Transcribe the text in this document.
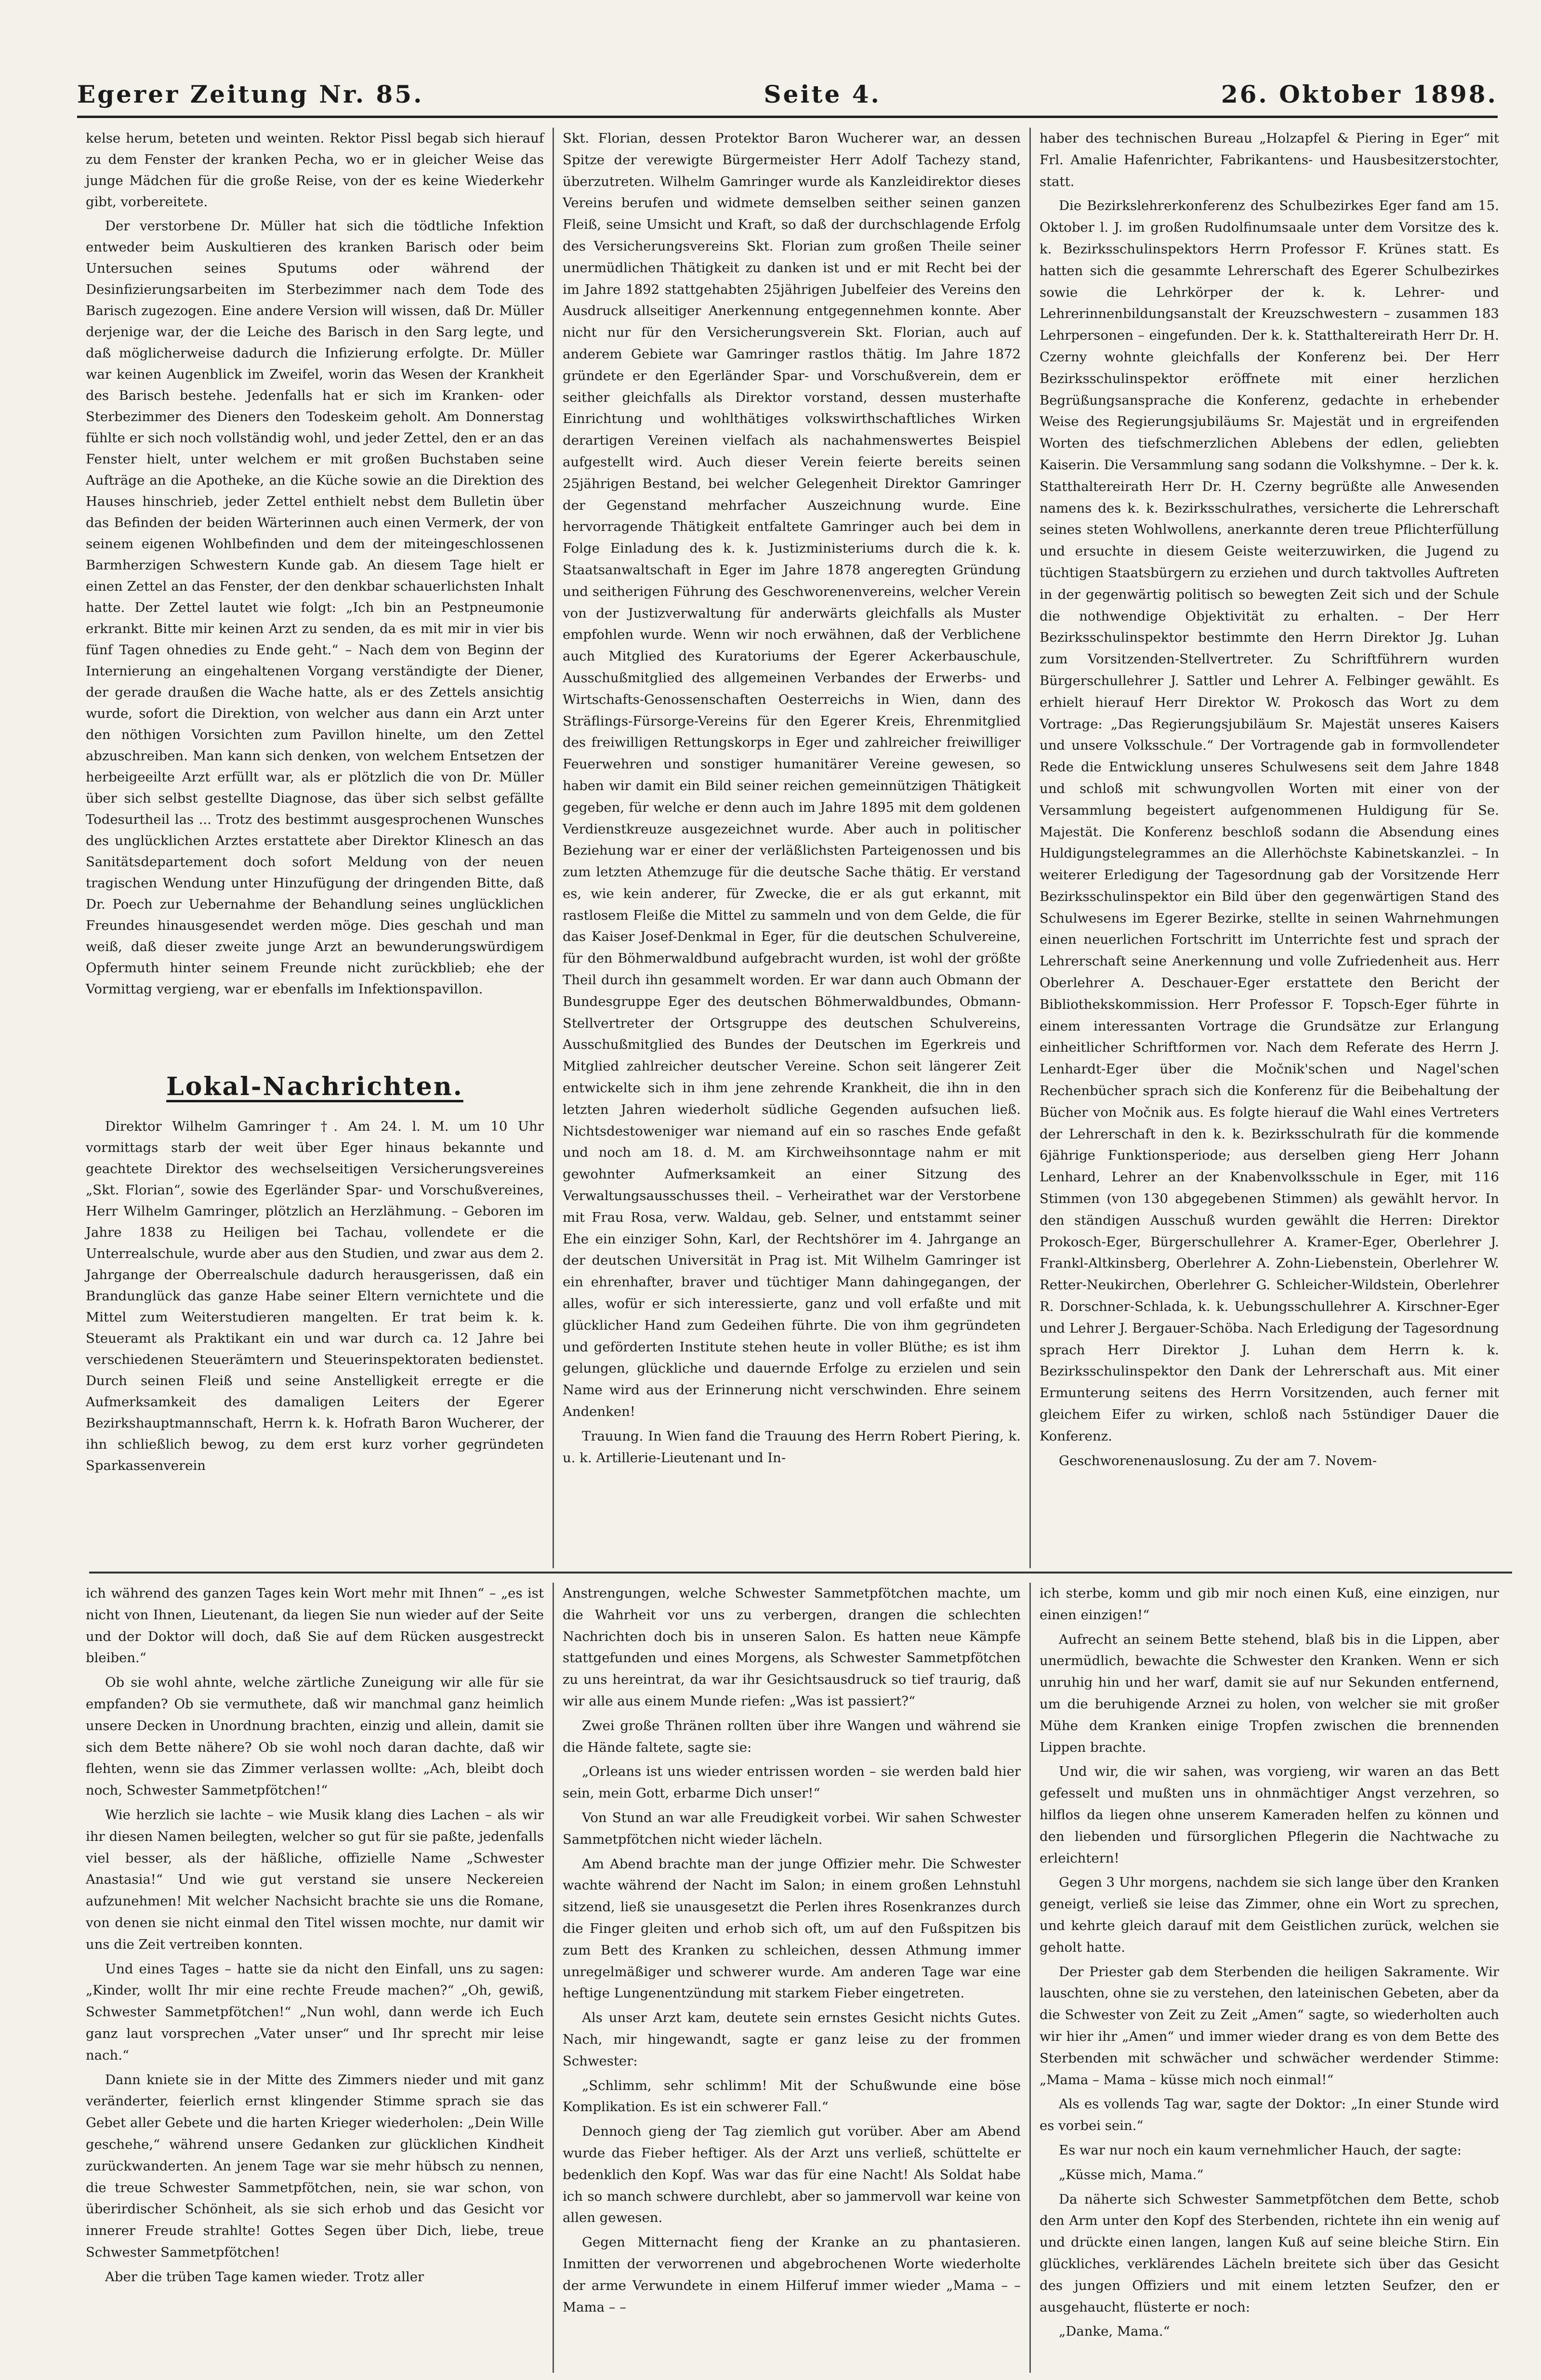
Egerer Zeitung Nr. 85.	Seite 4.	26. Oktober 1898.

kelse herum, beteten und weinten. Rektor Pissl begab sich hierauf zu dem Fenster der kranken Pecha, wo er in gleicher Weise das junge Mädchen für die große Reise, von der es keine Wiederkehr gibt, vorbereitete.

Der verstorbene Dr. Müller hat sich die tödtliche Infektion entweder beim Auskultieren des kranken Barisch oder beim Untersuchen seines Sputums oder während der Desinfizierungsarbeiten im Sterbezimmer nach dem Tode des Barisch zugezogen. Eine andere Version will wissen, daß Dr. Müller derjenige war, der die Leiche des Barisch in den Sarg legte, und daß möglicherweise dadurch die Infizierung erfolgte. Dr. Müller war keinen Augenblick im Zweifel, worin das Wesen der Krankheit des Barisch bestehe. Jedenfalls hat er sich im Kranken- oder Sterbezimmer des Dieners den Todeskeim geholt. Am Donnerstag fühlte er sich noch vollständig wohl, und jeder Zettel, den er an das Fenster hielt, unter welchem er mit großen Buchstaben seine Aufträge an die Apotheke, an die Küche sowie an die Direktion des Hauses hinschrieb, jeder Zettel enthielt nebst dem Bulletin über das Befinden der beiden Wärterinnen auch einen Vermerk, der von seinem eigenen Wohlbefinden und dem der miteingeschlossenen Barmherzigen Schwestern Kunde gab. An diesem Tage hielt er einen Zettel an das Fenster, der den denkbar schauerlichsten Inhalt hatte. Der Zettel lautet wie folgt: „Ich bin an Pestpneumonie erkrankt. Bitte mir keinen Arzt zu senden, da es mit mir in vier bis fünf Tagen ohnedies zu Ende geht.“ – Nach dem von Beginn der Internierung an eingehaltenen Vorgang verständigte der Diener, der gerade draußen die Wache hatte, als er des Zettels ansichtig wurde, sofort die Direktion, von welcher aus dann ein Arzt unter den nöthigen Vorsichten zum Pavillon hinelte, um den Zettel abzuschreiben. Man kann sich denken, von welchem Entsetzen der herbeigeeilte Arzt erfüllt war, als er plötzlich die von Dr. Müller über sich selbst gestellte Diagnose, das über sich selbst gefällte Todesurtheil las ... Trotz des bestimmt ausgesprochenen Wunsches des unglücklichen Arztes erstattete aber Direktor Klinesch an das Sanitätsdepartement doch sofort Meldung von der neuen tragischen Wendung unter Hinzufügung der dringenden Bitte, daß Dr. Poech zur Uebernahme der Behandlung seines unglücklichen Freundes hinausgesendet werden möge. Dies geschah und man weiß, daß dieser zweite junge Arzt an bewunderungswürdigem Opfermuth hinter seinem Freunde nicht zurückblieb; ehe der Vormittag vergieng, war er ebenfalls im Infektionspavillon.

Lokal-Nachrichten.

Direktor Wilhelm Gamringer †. Am 24. l. M. um 10 Uhr vormittags starb der weit über Eger hinaus bekannte und geachtete Direktor des wechselseitigen Versicherungsvereines „Skt. Florian“, sowie des Egerländer Spar- und Vorschußvereines, Herr Wilhelm Gamringer, plötzlich an Herzlähmung. – Geboren im Jahre 1838 zu Heiligen bei Tachau, vollendete er die Unterrealschule, wurde aber aus den Studien, und zwar aus dem 2. Jahrgange der Oberrealschule dadurch herausgerissen, daß ein Brandunglück das ganze Habe seiner Eltern vernichtete und die Mittel zum Weiterstudieren mangelten. Er trat beim k. k. Steueramt als Praktikant ein und war durch ca. 12 Jahre bei verschiedenen Steuerämtern und Steuerinspektoraten bedienstet. Durch seinen Fleiß und seine Anstelligkeit erregte er die Aufmerksamkeit des damaligen Leiters der Egerer Bezirkshauptmannschaft, Herrn k. k. Hofrath Baron Wucherer, der ihn schließlich bewog, zu dem erst kurz vorher gegründeten Sparkassenverein

Skt. Florian, dessen Protektor Baron Wucherer war, an dessen Spitze der verewigte Bürgermeister Herr Adolf Tachezy stand, überzutreten. Wilhelm Gamringer wurde als Kanzleidirektor dieses Vereins berufen und widmete demselben seither seinen ganzen Fleiß, seine Umsicht und Kraft, so daß der durchschlagende Erfolg des Versicherungsvereins Skt. Florian zum großen Theile seiner unermüdlichen Thätigkeit zu danken ist und er mit Recht bei der im Jahre 1892 stattgehabten 25jährigen Jubelfeier des Vereins den Ausdruck allseitiger Anerkennung entgegennehmen konnte. Aber nicht nur für den Versicherungsverein Skt. Florian, auch auf anderem Gebiete war Gamringer rastlos thätig. Im Jahre 1872 gründete er den Egerländer Spar- und Vorschußverein, dem er seither gleichfalls als Direktor vorstand, dessen musterhafte Einrichtung und wohlthätiges volkswirthschaftliches Wirken derartigen Vereinen vielfach als nachahmenswertes Beispiel aufgestellt wird. Auch dieser Verein feierte bereits seinen 25jährigen Bestand, bei welcher Gelegenheit Direktor Gamringer der Gegenstand mehrfacher Auszeichnung wurde. Eine hervorragende Thätigkeit entfaltete Gamringer auch bei dem in Folge Einladung des k. k. Justizministeriums durch die k. k. Staatsanwaltschaft in Eger im Jahre 1878 angeregten Gründung und seitherigen Führung des Geschworenenvereins, welcher Verein von der Justizverwaltung für anderwärts gleichfalls als Muster empfohlen wurde. Wenn wir noch erwähnen, daß der Verblichene auch Mitglied des Kuratoriums der Egerer Ackerbauschule, Ausschußmitglied des allgemeinen Verbandes der Erwerbs- und Wirtschafts-Genossenschaften Oesterreichs in Wien, dann des Sträflings-Fürsorge-Vereins für den Egerer Kreis, Ehrenmitglied des freiwilligen Rettungskorps in Eger und zahlreicher freiwilliger Feuerwehren und sonstiger humanitärer Vereine gewesen, so haben wir damit ein Bild seiner reichen gemeinnützigen Thätigkeit gegeben, für welche er denn auch im Jahre 1895 mit dem goldenen Verdienstkreuze ausgezeichnet wurde. Aber auch in politischer Beziehung war er einer der verläßlichsten Parteigenossen und bis zum letzten Athemzuge für die deutsche Sache thätig. Er verstand es, wie kein anderer, für Zwecke, die er als gut erkannt, mit rastlosem Fleiße die Mittel zu sammeln und von dem Gelde, die für das Kaiser Josef-Denkmal in Eger, für die deutschen Schulvereine, für den Böhmerwaldbund aufgebracht wurden, ist wohl der größte Theil durch ihn gesammelt worden. Er war dann auch Obmann der Bundesgruppe Eger des deutschen Böhmerwaldbundes, Obmann-Stellvertreter der Ortsgruppe des deutschen Schulvereins, Ausschußmitglied des Bundes der Deutschen im Egerkreis und Mitglied zahlreicher deutscher Vereine. Schon seit längerer Zeit entwickelte sich in ihm jene zehrende Krankheit, die ihn in den letzten Jahren wiederholt südliche Gegenden aufsuchen ließ. Nichtsdestoweniger war niemand auf ein so rasches Ende gefaßt und noch am 18. d. M. am Kirchweihsonntage nahm er mit gewohnter Aufmerksamkeit an einer Sitzung des Verwaltungsausschusses theil. – Verheirathet war der Verstorbene mit Frau Rosa, verw. Waldau, geb. Selner, und entstammt seiner Ehe ein einziger Sohn, Karl, der Rechtshörer im 4. Jahrgange an der deutschen Universität in Prag ist. Mit Wilhelm Gamringer ist ein ehrenhafter, braver und tüchtiger Mann dahingegangen, der alles, wofür er sich interessierte, ganz und voll erfaßte und mit glücklicher Hand zum Gedeihen führte. Die von ihm gegründeten und geförderten Institute stehen heute in voller Blüthe; es ist ihm gelungen, glückliche und dauernde Erfolge zu erzielen und sein Name wird aus der Erinnerung nicht verschwinden. Ehre seinem Andenken!

Trauung. In Wien fand die Trauung des Herrn Robert Piering, k. u. k. Artillerie-Lieutenant und In-

haber des technischen Bureau „Holzapfel & Piering in Eger“ mit Frl. Amalie Hafenrichter, Fabrikantens- und Hausbesitzerstochter, statt.

Die Bezirkslehrerkonferenz des Schulbezirkes Eger fand am 15. Oktober l. J. im großen Rudolfinumsaale unter dem Vorsitze des k. k. Bezirksschulinspektors Herrn Professor F. Krünes statt. Es hatten sich die gesammte Lehrerschaft des Egerer Schulbezirkes sowie die Lehrkörper der k. k. Lehrer- und Lehrerinnenbildungsanstalt der Kreuzschwestern – zusammen 183 Lehrpersonen – eingefunden. Der k. k. Statthaltereirath Herr Dr. H. Czerny wohnte gleichfalls der Konferenz bei. Der Herr Bezirksschulinspektor eröffnete mit einer herzlichen Begrüßungsansprache die Konferenz, gedachte in erhebender Weise des Regierungsjubiläums Sr. Majestät und in ergreifenden Worten des tiefschmerzlichen Ablebens der edlen, geliebten Kaiserin. Die Versammlung sang sodann die Volkshymne. – Der k. k. Statthaltereirath Herr Dr. H. Czerny begrüßte alle Anwesenden namens des k. k. Bezirksschulrathes, versicherte die Lehrerschaft seines steten Wohlwollens, anerkannte deren treue Pflichterfüllung und ersuchte in diesem Geiste weiterzuwirken, die Jugend zu tüchtigen Staatsbürgern zu erziehen und durch taktvolles Auftreten in der gegenwärtig politisch so bewegten Zeit sich und der Schule die nothwendige Objektivität zu erhalten. – Der Herr Bezirksschulinspektor bestimmte den Herrn Direktor Jg. Luhan zum Vorsitzenden-Stellvertreter. Zu Schriftführern wurden Bürgerschullehrer J. Sattler und Lehrer A. Felbinger gewählt. Es erhielt hierauf Herr Direktor W. Prokosch das Wort zu dem Vortrage: „Das Regierungsjubiläum Sr. Majestät unseres Kaisers und unsere Volksschule.“ Der Vortragende gab in formvollendeter Rede die Entwicklung unseres Schulwesens seit dem Jahre 1848 und schloß mit schwungvollen Worten mit einer von der Versammlung begeistert aufgenommenen Huldigung für Se. Majestät. Die Konferenz beschloß sodann die Absendung eines Huldigungstelegrammes an die Allerhöchste Kabinetskanzlei. – In weiterer Erledigung der Tagesordnung gab der Vorsitzende Herr Bezirksschulinspektor ein Bild über den gegenwärtigen Stand des Schulwesens im Egerer Bezirke, stellte in seinen Wahrnehmungen einen neuerlichen Fortschritt im Unterrichte fest und sprach der Lehrerschaft seine Anerkennung und volle Zufriedenheit aus. Herr Oberlehrer A. Deschauer-Eger erstattete den Bericht der Bibliothekskommission. Herr Professor F. Topsch-Eger führte in einem interessanten Vortrage die Grundsätze zur Erlangung einheitlicher Schriftformen vor. Nach dem Referate des Herrn J. Lenhardt-Eger über die Močnik'schen und Nagel'schen Rechenbücher sprach sich die Konferenz für die Beibehaltung der Bücher von Močnik aus. Es folgte hierauf die Wahl eines Vertreters der Lehrerschaft in den k. k. Bezirksschulrath für die kommende 6jährige Funktionsperiode; aus derselben gieng Herr Johann Lenhard, Lehrer an der Knabenvolksschule in Eger, mit 116 Stimmen (von 130 abgegebenen Stimmen) als gewählt hervor. In den ständigen Ausschuß wurden gewählt die Herren: Direktor Prokosch-Eger, Bürgerschullehrer A. Kramer-Eger, Oberlehrer J. Frankl-Altkinsberg, Oberlehrer A. Zohn-Liebenstein, Oberlehrer W. Retter-Neukirchen, Oberlehrer G. Schleicher-Wildstein, Oberlehrer R. Dorschner-Schlada, k. k. Uebungsschullehrer A. Kirschner-Eger und Lehrer J. Bergauer-Schöba. Nach Erledigung der Tagesordnung sprach Herr Direktor J. Luhan dem Herrn k. k. Bezirksschulinspektor den Dank der Lehrerschaft aus. Mit einer Ermunterung seitens des Herrn Vorsitzenden, auch ferner mit gleichem Eifer zu wirken, schloß nach 5stündiger Dauer die Konferenz.

Geschworenenauslosung. Zu der am 7. Novem-

ich während des ganzen Tages kein Wort mehr mit Ihnen“ – „es ist nicht von Ihnen, Lieutenant, da liegen Sie nun wieder auf der Seite und der Doktor will doch, daß Sie auf dem Rücken ausgestreckt bleiben.“

Ob sie wohl ahnte, welche zärtliche Zuneigung wir alle für sie empfanden? Ob sie vermuthete, daß wir manchmal ganz heimlich unsere Decken in Unordnung brachten, einzig und allein, damit sie sich dem Bette nähere? Ob sie wohl noch daran dachte, daß wir flehten, wenn sie das Zimmer verlassen wollte: „Ach, bleibt doch noch, Schwester Sammetpfötchen!“

Wie herzlich sie lachte – wie Musik klang dies Lachen – als wir ihr diesen Namen beilegten, welcher so gut für sie paßte, jedenfalls viel besser, als der häßliche, offizielle Name „Schwester Anastasia!“ Und wie gut verstand sie unsere Neckereien aufzunehmen! Mit welcher Nachsicht brachte sie uns die Romane, von denen sie nicht einmal den Titel wissen mochte, nur damit wir uns die Zeit vertreiben konnten.

Und eines Tages – hatte sie da nicht den Einfall, uns zu sagen: „Kinder, wollt Ihr mir eine rechte Freude machen?“ „Oh, gewiß, Schwester Sammetpfötchen!“ „Nun wohl, dann werde ich Euch ganz laut vorsprechen „Vater unser“ und Ihr sprecht mir leise nach.“

Dann kniete sie in der Mitte des Zimmers nieder und mit ganz veränderter, feierlich ernst klingender Stimme sprach sie das Gebet aller Gebete und die harten Krieger wiederholen: „Dein Wille geschehe,“ während unsere Gedanken zur glücklichen Kindheit zurückwanderten. An jenem Tage war sie mehr hübsch zu nennen, die treue Schwester Sammetpfötchen, nein, sie war schon, von überirdischer Schönheit, als sie sich erhob und das Gesicht vor innerer Freude strahlte! Gottes Segen über Dich, liebe, treue Schwester Sammetpfötchen!

Aber die trüben Tage kamen wieder. Trotz aller

Anstrengungen, welche Schwester Sammetpfötchen machte, um die Wahrheit vor uns zu verbergen, drangen die schlechten Nachrichten doch bis in unseren Salon. Es hatten neue Kämpfe stattgefunden und eines Morgens, als Schwester Sammetpfötchen zu uns hereintrat, da war ihr Gesichtsausdruck so tief traurig, daß wir alle aus einem Munde riefen: „Was ist passiert?“

Zwei große Thränen rollten über ihre Wangen und während sie die Hände faltete, sagte sie:

„Orleans ist uns wieder entrissen worden – sie werden bald hier sein, mein Gott, erbarme Dich unser!“

Von Stund an war alle Freudigkeit vorbei. Wir sahen Schwester Sammetpfötchen nicht wieder lächeln.

Am Abend brachte man der junge Offizier mehr. Die Schwester wachte während der Nacht im Salon; in einem großen Lehnstuhl sitzend, ließ sie unausgesetzt die Perlen ihres Rosenkranzes durch die Finger gleiten und erhob sich oft, um auf den Fußspitzen bis zum Bett des Kranken zu schleichen, dessen Athmung immer unregelmäßiger und schwerer wurde. Am anderen Tage war eine heftige Lungenentzündung mit starkem Fieber eingetreten.

Als unser Arzt kam, deutete sein ernstes Gesicht nichts Gutes. Nach, mir hingewandt, sagte er ganz leise zu der frommen Schwester:

„Schlimm, sehr schlimm! Mit der Schußwunde eine böse Komplikation. Es ist ein schwerer Fall.“

Dennoch gieng der Tag ziemlich gut vorüber. Aber am Abend wurde das Fieber heftiger. Als der Arzt uns verließ, schüttelte er bedenklich den Kopf. Was war das für eine Nacht! Als Soldat habe ich so manch schwere durchlebt, aber so jammervoll war keine von allen gewesen.

Gegen Mitternacht fieng der Kranke an zu phantasieren. Inmitten der verworrenen und abgebrochenen Worte wiederholte der arme Verwundete in einem Hilferuf immer wieder „Mama – – Mama – –

ich sterbe, komm und gib mir noch einen Kuß, eine einzigen, nur einen einzigen!“

Aufrecht an seinem Bette stehend, blaß bis in die Lippen, aber unermüdlich, bewachte die Schwester den Kranken. Wenn er sich unruhig hin und her warf, damit sie auf nur Sekunden entfernend, um die beruhigende Arznei zu holen, von welcher sie mit großer Mühe dem Kranken einige Tropfen zwischen die brennenden Lippen brachte.

Und wir, die wir sahen, was vorgieng, wir waren an das Bett gefesselt und mußten uns in ohnmächtiger Angst verzehren, so hilflos da liegen ohne unserem Kameraden helfen zu können und den liebenden und fürsorglichen Pflegerin die Nachtwache zu erleichtern!

Gegen 3 Uhr morgens, nachdem sie sich lange über den Kranken geneigt, verließ sie leise das Zimmer, ohne ein Wort zu sprechen, und kehrte gleich darauf mit dem Geistlichen zurück, welchen sie geholt hatte.

Der Priester gab dem Sterbenden die heiligen Sakramente. Wir lauschten, ohne sie zu verstehen, den lateinischen Gebeten, aber da die Schwester von Zeit zu Zeit „Amen“ sagte, so wiederholten auch wir hier ihr „Amen“ und immer wieder drang es von dem Bette des Sterbenden mit schwächer und schwächer werdender Stimme: „Mama – Mama – küsse mich noch einmal!“

Als es vollends Tag war, sagte der Doktor: „In einer Stunde wird es vorbei sein.“

Es war nur noch ein kaum vernehmlicher Hauch, der sagte:

„Küsse mich, Mama.“

Da näherte sich Schwester Sammetpfötchen dem Bette, schob den Arm unter den Kopf des Sterbenden, richtete ihn ein wenig auf und drückte einen langen, langen Kuß auf seine bleiche Stirn. Ein glückliches, verklärendes Lächeln breitete sich über das Gesicht des jungen Offiziers und mit einem letzten Seufzer, den er ausgehaucht, flüsterte er noch:

„Danke, Mama.“
